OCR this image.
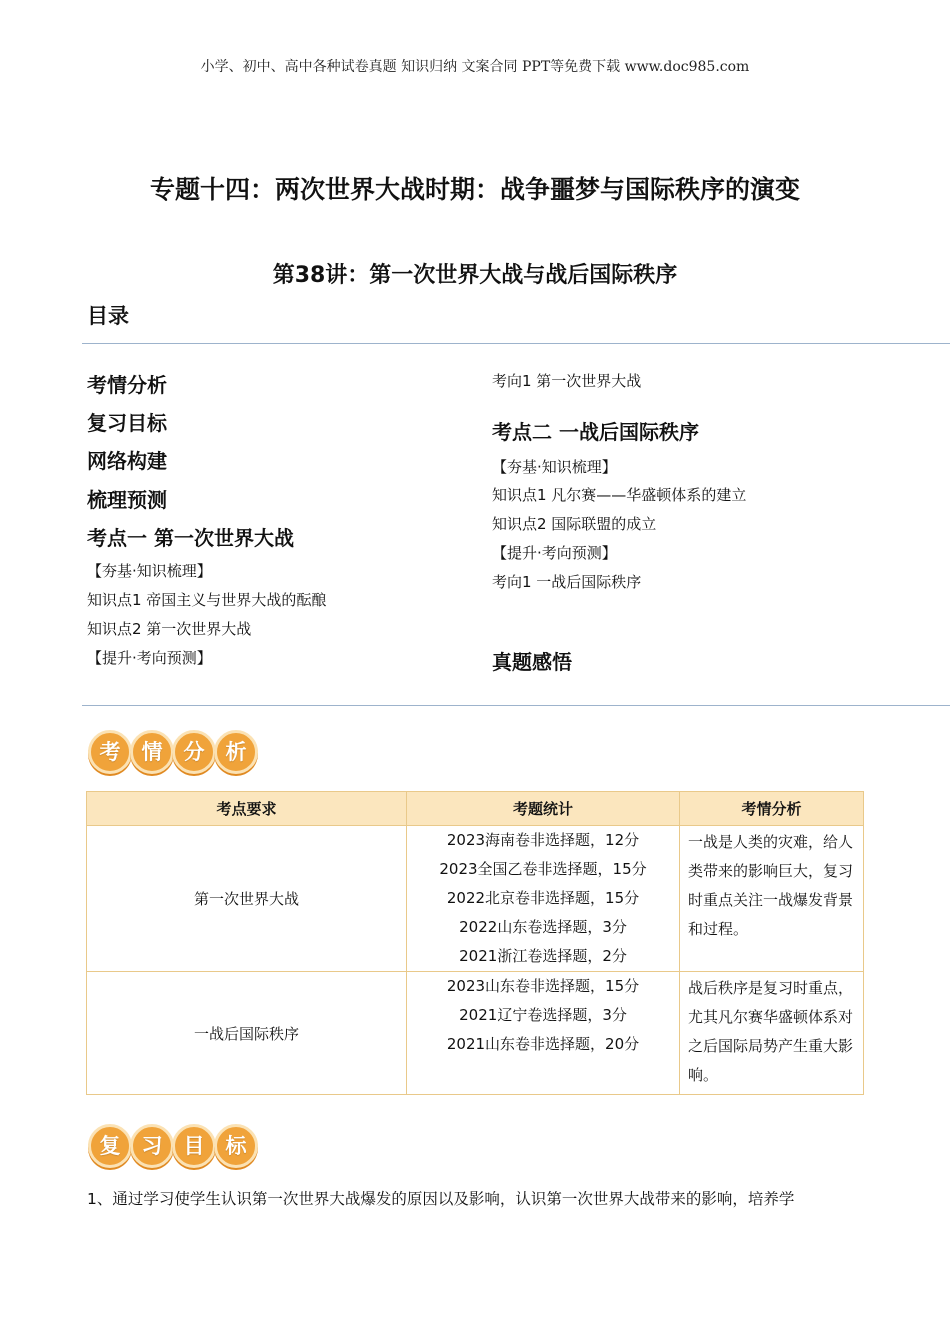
小学、初中、高中各种试卷真题 知识归纳 文案合同 PPT等免费下载 www.doc985.com
专题十四：两次世界大战时期：战争噩梦与国际秩序的演变
第38讲：第一次世界大战与战后国际秩序
目录
考情分析
复习目标
网络构建
梳理预测
考点一 第一次世界大战
【夯基·知识梳理】
知识点1 帝国主义与世界大战的酝酿
知识点2 第一次世界大战
【提升·考向预测】
考向1 第一次世界大战
考点二 一战后国际秩序
【夯基·知识梳理】
知识点1 凡尔赛——华盛顿体系的建立
知识点2 国际联盟的成立
【提升·考向预测】
考向1 一战后国际秩序
真题感悟
考	情	分	析
考点要求	考题统计	考情分析
第一次世界大战	2023海南卷非选择题，12分
2023全国乙卷非选择题，15分
2022北京卷非选择题，15分
2022山东卷选择题，3分
2021浙江卷选择题，2分	一战是人类的灾难，给人类带来的影响巨大，复习时重点关注一战爆发背景和过程。

一战后国际秩序	2023山东卷非选择题，15分
2021辽宁卷选择题，3分
2021山东卷非选择题，20分	战后秩序是复习时重点，尤其凡尔赛华盛顿体系对之后国际局势产生重大影响。
复	习	目	标
1、通过学习使学生认识第一次世界大战爆发的原因以及影响，认识第一次世界大战带来的影响，培养学
